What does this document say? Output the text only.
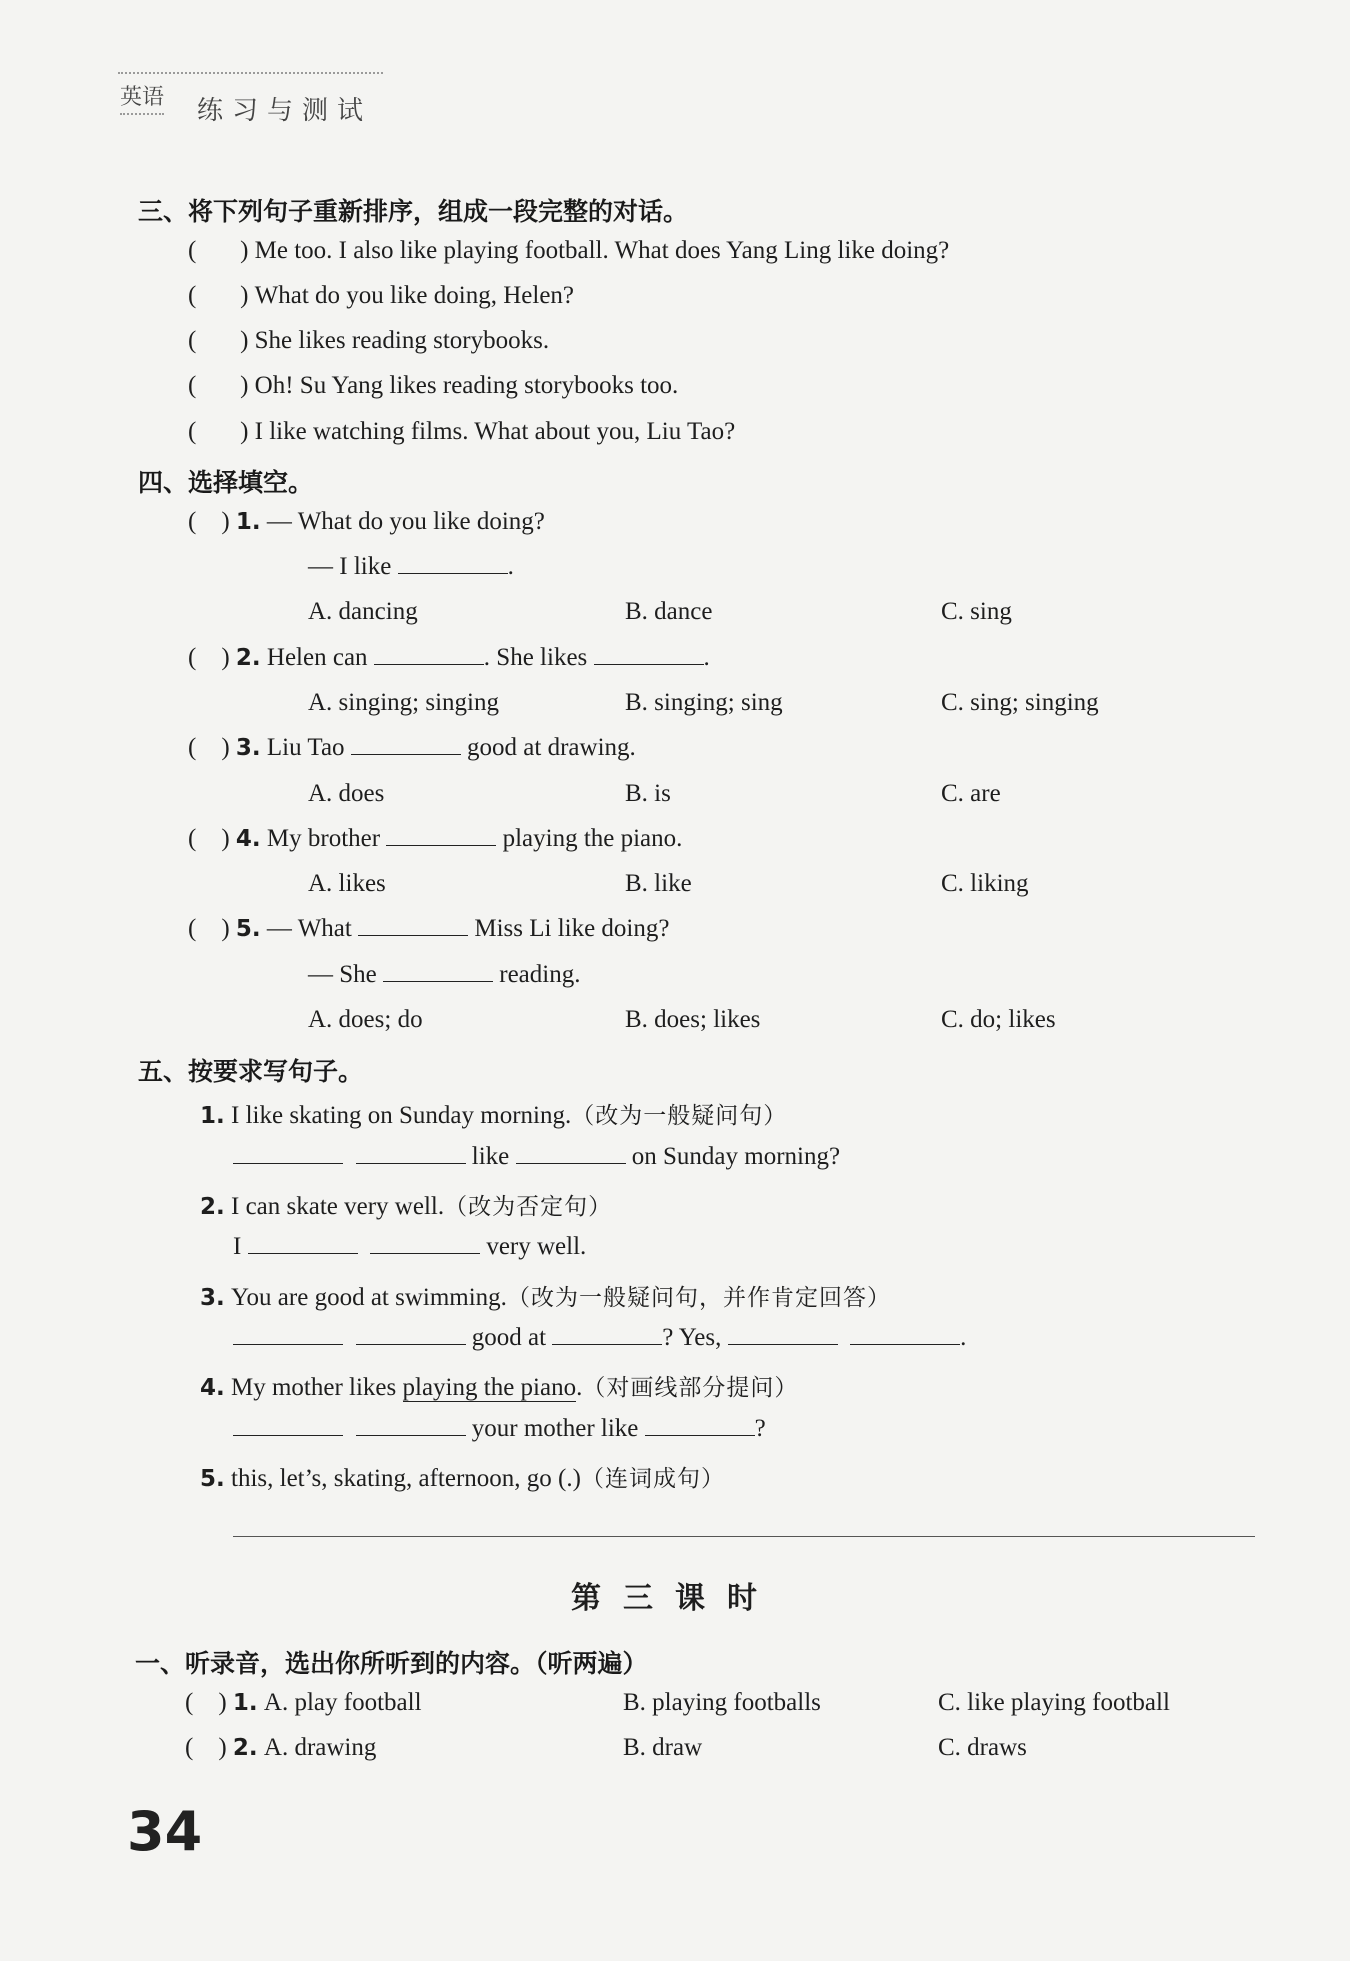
英语 练习与测试
三、将下列句子重新排序，组成一段完整的对话。
(       ) Me too. I also like playing football. What does Yang Ling like doing?
(       ) What do you like doing, Helen?
(       ) She likes reading storybooks.
(       ) Oh! Su Yang likes reading storybooks too.
(       ) I like watching films. What about you, Liu Tao?
四、选择填空。
(    ) 1. — What do you like doing?
— I like	.
A. dancing	B. dance	C. sing
(    ) 2. Helen can	. She likes	.
A. singing; singing	B. singing; sing	C. sing; singing
(    ) 3. Liu Tao	good at drawing.
A. does	B. is	C. are
(    ) 4. My brother	playing the piano.
A. likes	B. like	C. liking
(    ) 5. — What	Miss Li like doing?
— She	reading.
A. does; do	B. does; likes	C. do; likes
五、按要求写句子。
1. I like skating on Sunday morning.（改为一般疑问句）
like	on Sunday morning?
2. I can skate very well.（改为否定句）
I	very well.
3. You are good at swimming.（改为一般疑问句，并作肯定回答）
good at	? Yes,	.
4. My mother likes playing the piano.（对画线部分提问）
your mother like	?
5. this, let’s, skating, afternoon, go (.)（连词成句）
第三课时
一、听录音，选出你所听到的内容。（听两遍）
(    ) 1. A. play football	B. playing footballs	C. like playing football
(    ) 2. A. drawing	B. draw	C. draws
34
